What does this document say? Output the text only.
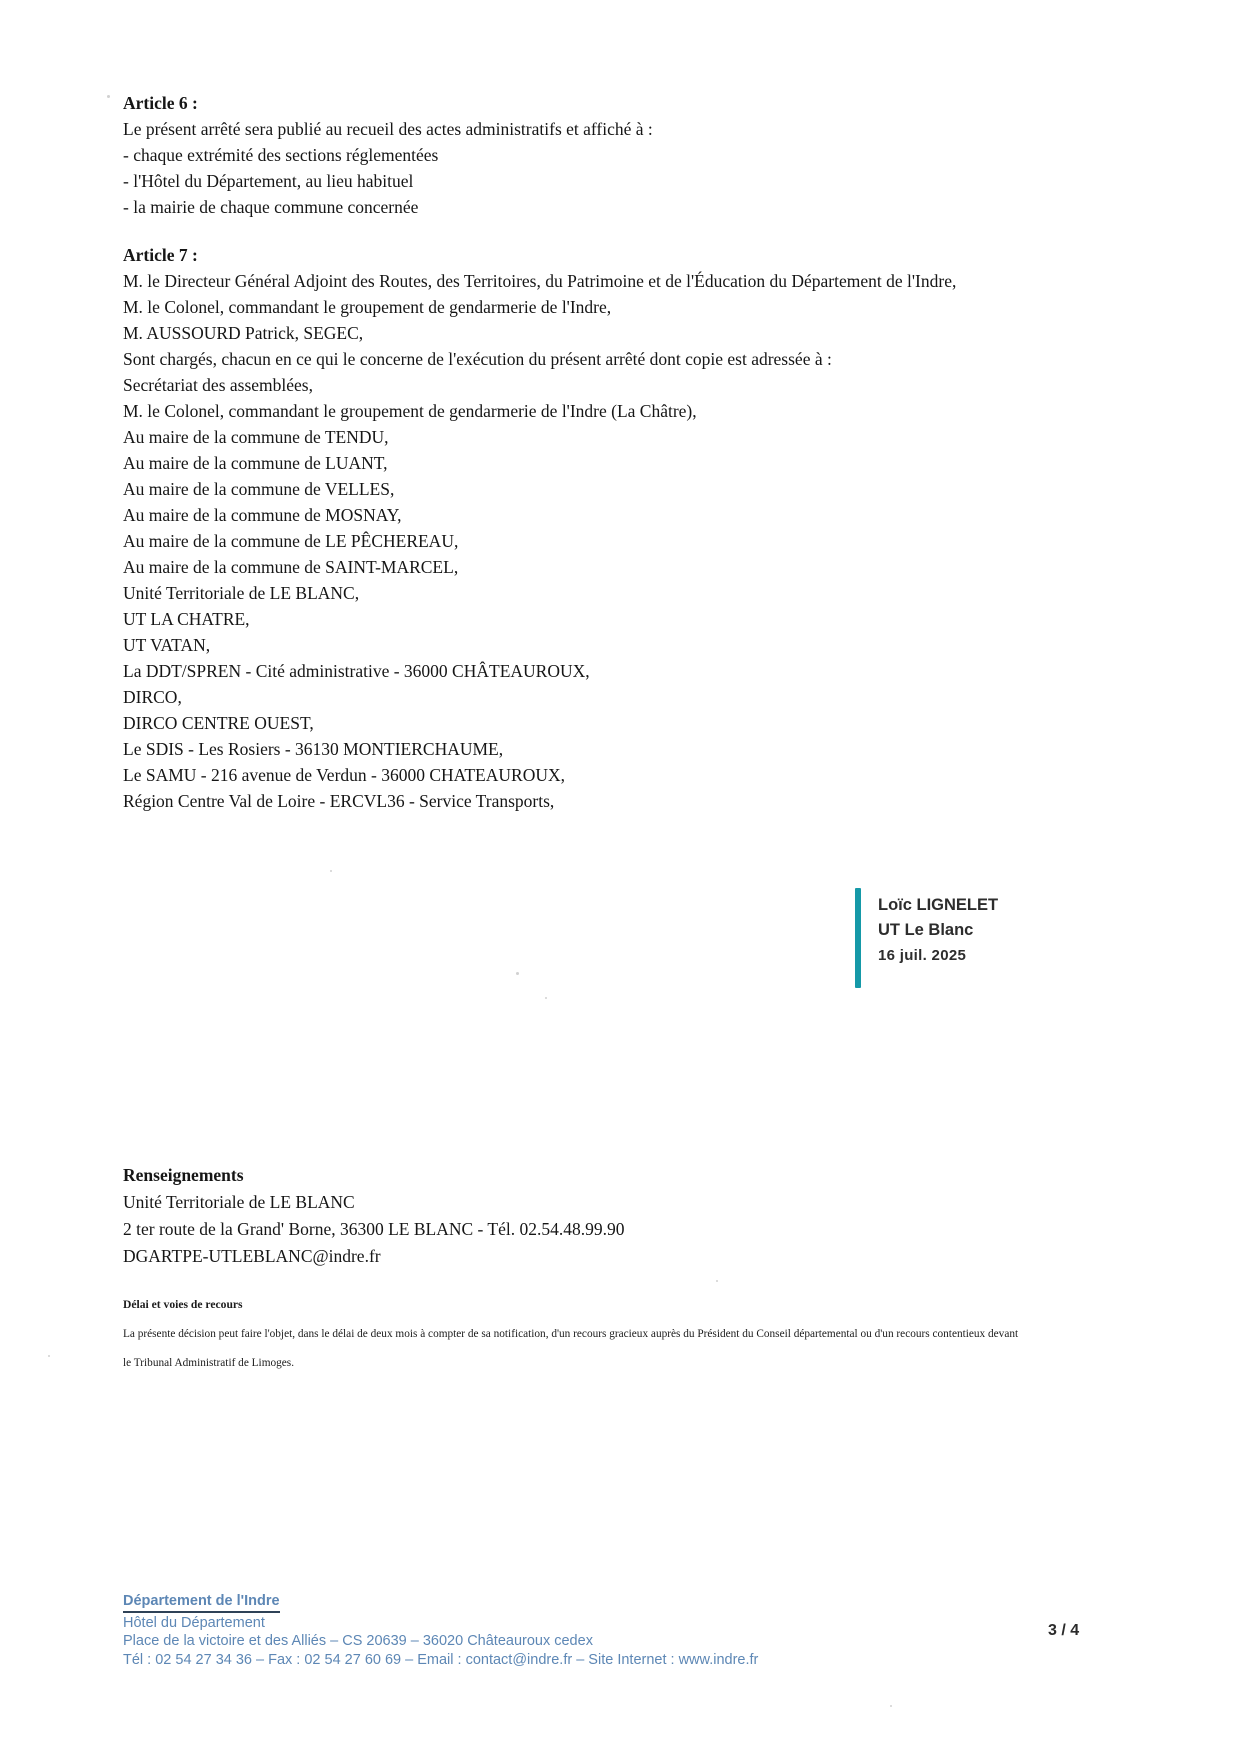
Article 6 :
Le présent arrêté sera publié au recueil des actes administratifs et affiché à :
- chaque extrémité des sections réglementées
- l'Hôtel du Département, au lieu habituel
- la mairie de chaque commune concernée
Article 7 :
M. le Directeur Général Adjoint des Routes, des Territoires, du Patrimoine et de l'Éducation du Département de l'Indre,
M. le Colonel, commandant le groupement de gendarmerie de l'Indre,
M. AUSSOURD Patrick, SEGEC,
Sont chargés, chacun en ce qui le concerne de l'exécution du présent arrêté dont copie est adressée à :
Secrétariat des assemblées,
M. le Colonel, commandant le groupement de gendarmerie de l'Indre (La Châtre),
Au maire de la commune de TENDU,
Au maire de la commune de LUANT,
Au maire de la commune de VELLES,
Au maire de la commune de MOSNAY,
Au maire de la commune de LE PÊCHEREAU,
Au maire de la commune de SAINT-MARCEL,
Unité Territoriale de LE BLANC,
UT LA CHATRE,
UT VATAN,
La DDT/SPREN - Cité administrative - 36000 CHÂTEAUROUX,
DIRCO,
DIRCO CENTRE OUEST,
Le SDIS - Les Rosiers - 36130 MONTIERCHAUME,
Le SAMU - 216 avenue de Verdun - 36000 CHATEAUROUX,
Région Centre Val de Loire - ERCVL36 - Service Transports,
Loïc LIGNELET
UT Le Blanc
16 juil. 2025
Renseignements
Unité Territoriale de LE BLANC
2 ter route de la Grand' Borne, 36300 LE BLANC - Tél. 02.54.48.99.90
DGARTPE-UTLEBLANC@indre.fr
Délai et voies de recours
La présente décision peut faire l'objet, dans le délai de deux mois à compter de sa notification, d'un recours gracieux auprès du Président du Conseil départemental ou d'un recours contentieux devant
le Tribunal Administratif de Limoges.
Département de l'Indre
Hôtel du Département
Place de la victoire et des Alliés – CS 20639 – 36020 Châteauroux cedex
Tél : 02 54 27 34 36 – Fax : 02 54 27 60 69 – Email : contact@indre.fr – Site Internet : www.indre.fr
3 / 4
